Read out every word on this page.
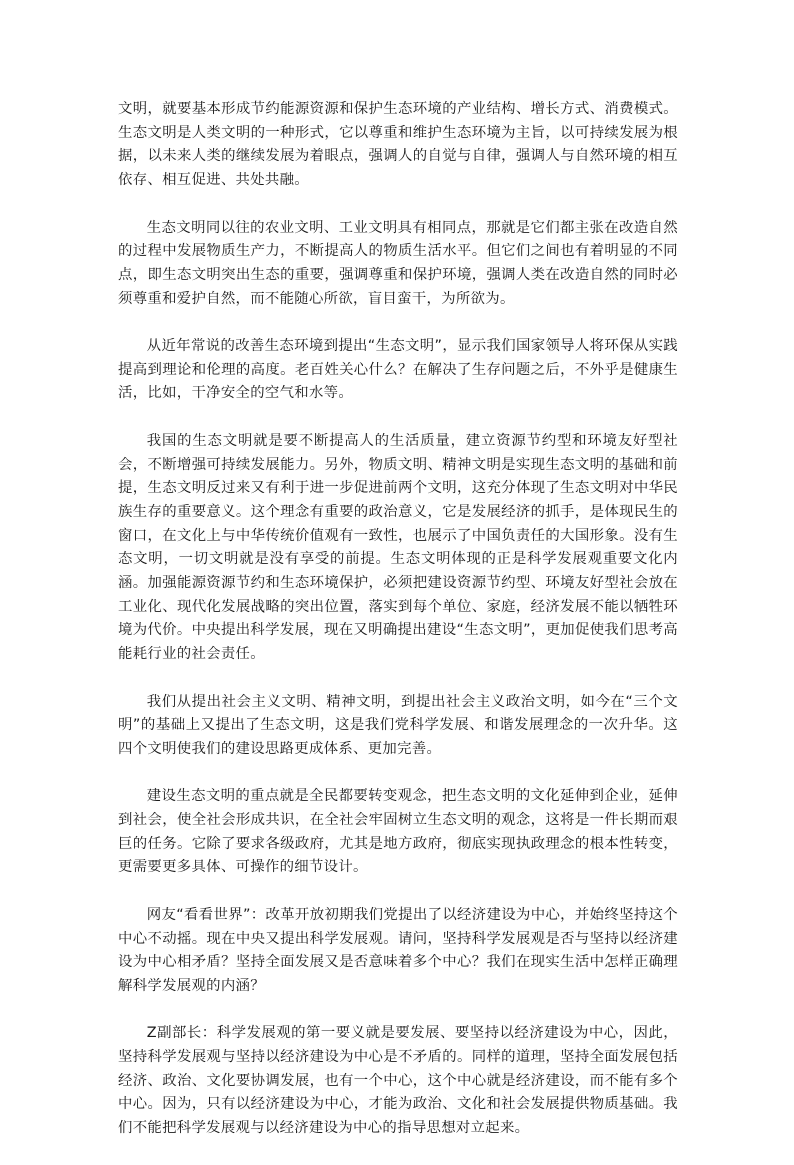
文明，就要基本形成节约能源资源和保护生态环境的产业结构、增长方式、消费模式。生态文明是人类文明的一种形式，它以尊重和维护生态环境为主旨，以可持续发展为根据，以未来人类的继续发展为着眼点，强调人的自觉与自律，强调人与自然环境的相互依存、相互促进、共处共融。

生态文明同以往的农业文明、工业文明具有相同点，那就是它们都主张在改造自然的过程中发展物质生产力，不断提高人的物质生活水平。但它们之间也有着明显的不同点，即生态文明突出生态的重要，强调尊重和保护环境，强调人类在改造自然的同时必须尊重和爱护自然，而不能随心所欲，盲目蛮干，为所欲为。

从近年常说的改善生态环境到提出“生态文明”，显示我们国家领导人将环保从实践提高到理论和伦理的高度。老百姓关心什么？在解决了生存问题之后，不外乎是健康生活，比如，干净安全的空气和水等。

我国的生态文明就是要不断提高人的生活质量，建立资源节约型和环境友好型社会，不断增强可持续发展能力。另外，物质文明、精神文明是实现生态文明的基础和前提，生态文明反过来又有利于进一步促进前两个文明，这充分体现了生态文明对中华民族生存的重要意义。这个理念有重要的政治意义，它是发展经济的抓手，是体现民生的窗口，在文化上与中华传统价值观有一致性，也展示了中国负责任的大国形象。没有生态文明，一切文明就是没有享受的前提。生态文明体现的正是科学发展观重要文化内涵。加强能源资源节约和生态环境保护，必须把建设资源节约型、环境友好型社会放在工业化、现代化发展战略的突出位置，落实到每个单位、家庭，经济发展不能以牺牲环境为代价。中央提出科学发展，现在又明确提出建设“生态文明”，更加促使我们思考高能耗行业的社会责任。

我们从提出社会主义文明、精神文明，到提出社会主义政治文明，如今在“三个文明”的基础上又提出了生态文明，这是我们党科学发展、和谐发展理念的一次升华。这四个文明使我们的建设思路更成体系、更加完善。

建设生态文明的重点就是全民都要转变观念，把生态文明的文化延伸到企业，延伸到社会，使全社会形成共识，在全社会牢固树立生态文明的观念，这将是一件长期而艰巨的任务。它除了要求各级政府，尤其是地方政府，彻底实现执政理念的根本性转变，更需要更多具体、可操作的细节设计。

网友“看看世界”：改革开放初期我们党提出了以经济建设为中心，并始终坚持这个中心不动摇。现在中央又提出科学发展观。请问，坚持科学发展观是否与坚持以经济建设为中心相矛盾？坚持全面发展又是否意味着多个中心？我们在现实生活中怎样正确理解科学发展观的内涵？

Z副部长：科学发展观的第一要义就是要发展、要坚持以经济建设为中心，因此，坚持科学发展观与坚持以经济建设为中心是不矛盾的。同样的道理，坚持全面发展包括经济、政治、文化要协调发展，也有一个中心，这个中心就是经济建设，而不能有多个中心。因为，只有以经济建设为中心，才能为政治、文化和社会发展提供物质基础。我们不能把科学发展观与以经济建设为中心的指导思想对立起来。
